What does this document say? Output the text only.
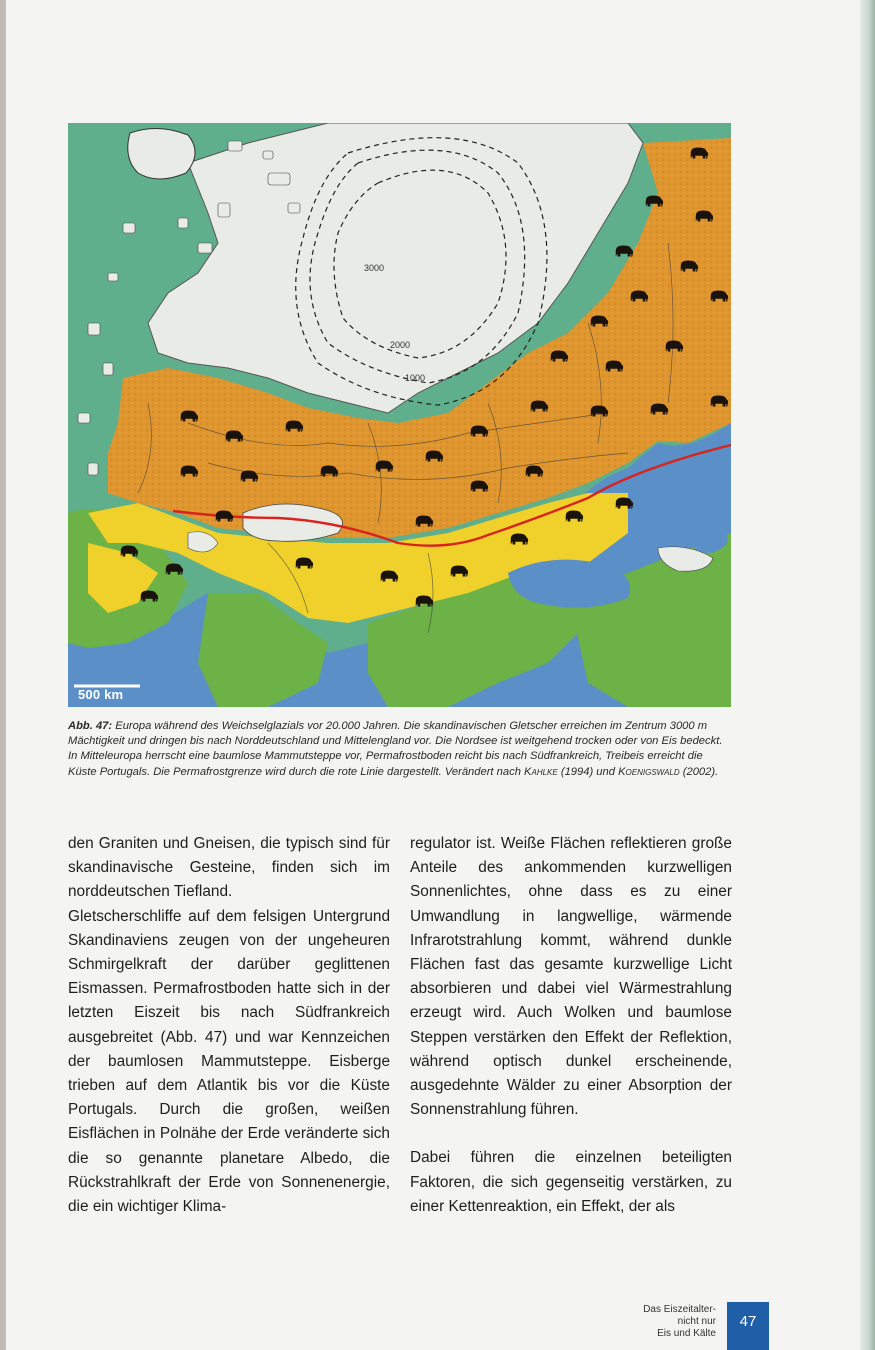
500 km
3000
2000
1000
Abb. 47: Europa während des Weichselglazials vor 20.000 Jahren. Die skandinavischen Gletscher erreichen im Zentrum 3000 m Mächtigkeit und dringen bis nach Norddeutschland und Mittelengland vor. Die Nordsee ist weitgehend trocken oder von Eis bedeckt. In Mitteleuropa herrscht eine baumlose Mammutsteppe vor, Permafrostboden reicht bis nach Südfrankreich, Treibeis erreicht die Küste Portugals. Die Permafrostgrenze wird durch die rote Linie dargestellt. Verändert nach Kahlke (1994) und Koenigswald (2002).

den Graniten und Gneisen, die typisch sind für skandinavische Gesteine, finden sich im norddeutschen Tiefland.

Gletscherschliffe auf dem felsigen Untergrund Skandinaviens zeugen von der ungeheuren Schmirgelkraft der darüber geglittenen Eismassen. Permafrostboden hatte sich in der letzten Eiszeit bis nach Südfrankreich ausgebreitet (Abb. 47) und war Kennzeichen der baumlosen Mammutsteppe. Eisberge trieben auf dem Atlantik bis vor die Küste Portugals. Durch die großen, weißen Eisflächen in Polnähe der Erde veränderte sich die so genannte planetare Albedo, die Rückstrahlkraft der Erde von Sonnenenergie, die ein wichtiger Klima-

regulator ist. Weiße Flächen reflektieren große Anteile des ankommenden kurzwelligen Sonnenlichtes, ohne dass es zu einer Umwandlung in langwellige, wärmende Infrarotstrahlung kommt, während dunkle Flächen fast das gesamte kurzwellige Licht absorbieren und dabei viel Wärmestrahlung erzeugt wird. Auch Wolken und baumlose Steppen verstärken den Effekt der Reflektion, während optisch dunkel erscheinende, ausgedehnte Wälder zu einer Absorption der Sonnenstrahlung führen.

Dabei führen die einzelnen beteiligten Faktoren, die sich gegenseitig verstärken, zu einer Kettenreaktion, ein Effekt, der als

Das Eiszeitalter-
nicht nur
Eis und Kälte
47
